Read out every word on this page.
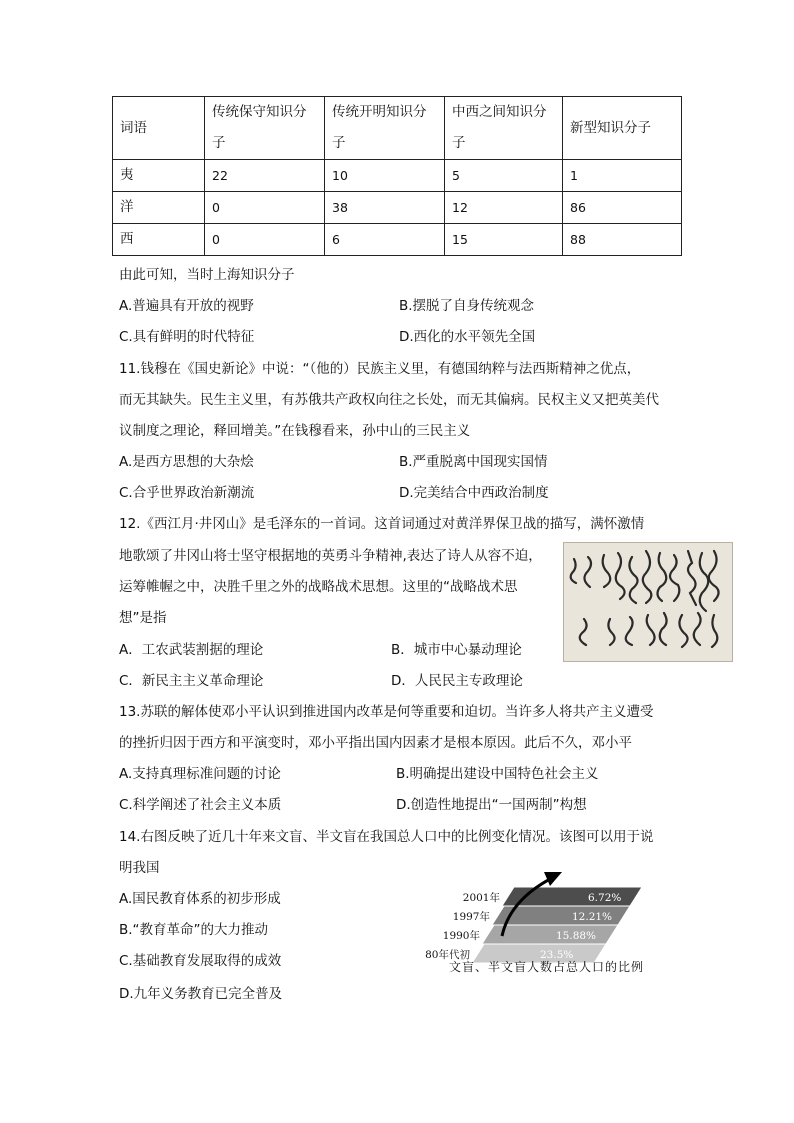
词语	传统保守知识分子	传统开明知识分子	中西之间知识分子	新型知识分子
夷	22	10	5	1
洋	0	38	12	86
西	0	6	15	88
由此可知，当时上海知识分子
A.普遍具有开放的视野	B.摆脱了自身传统观念
C.具有鲜明的时代特征	D.西化的水平领先全国
11.钱穆在《国史新论》中说：“（他的）民族主义里，有德国纳粹与法西斯精神之优点，
而无其缺失。民生主义里，有苏俄共产政权向往之长处，而无其偏病。民权主义又把英美代
议制度之理论，释回增美。”在钱穆看来，孙中山的三民主义
A.是西方思想的大杂烩	B.严重脱离中国现实国情
C.合乎世界政治新潮流	D.完美结合中西政治制度
12.《西江月·井冈山》是毛泽东的一首词。这首词通过对黄洋界保卫战的描写，满怀激情
地歌颂了井冈山将士坚守根据地的英勇斗争精神,表达了诗人从容不迫，
运筹帷幄之中，决胜千里之外的战略战术思想。这里的“战略战术思
想”是指
A．工农武装割据的理论	B．城市中心暴动理论
C．新民主主义革命理论	D．人民民主专政理论
13.苏联的解体使邓小平认识到推进国内改革是何等重要和迫切。当许多人将共产主义遭受
的挫折归因于西方和平演变时，邓小平指出国内因素才是根本原因。此后不久，邓小平
A.支持真理标准问题的讨论	B.明确提出建设中国特色社会主义
C.科学阐述了社会主义本质	D.创造性地提出“一国两制”构想
14.右图反映了近几十年来文盲、半文盲在我国总人口中的比例变化情况。该图可以用于说
明我国
A.国民教育体系的初步形成
B.“教育革命”的大力推动
C.基础教育发展取得的成效
D.九年义务教育已完全普及
80年代初	23.5%
1990年	15.88%
1997年	12.21%
2001年	6.72%
文盲、半文盲人数占总人口的比例
